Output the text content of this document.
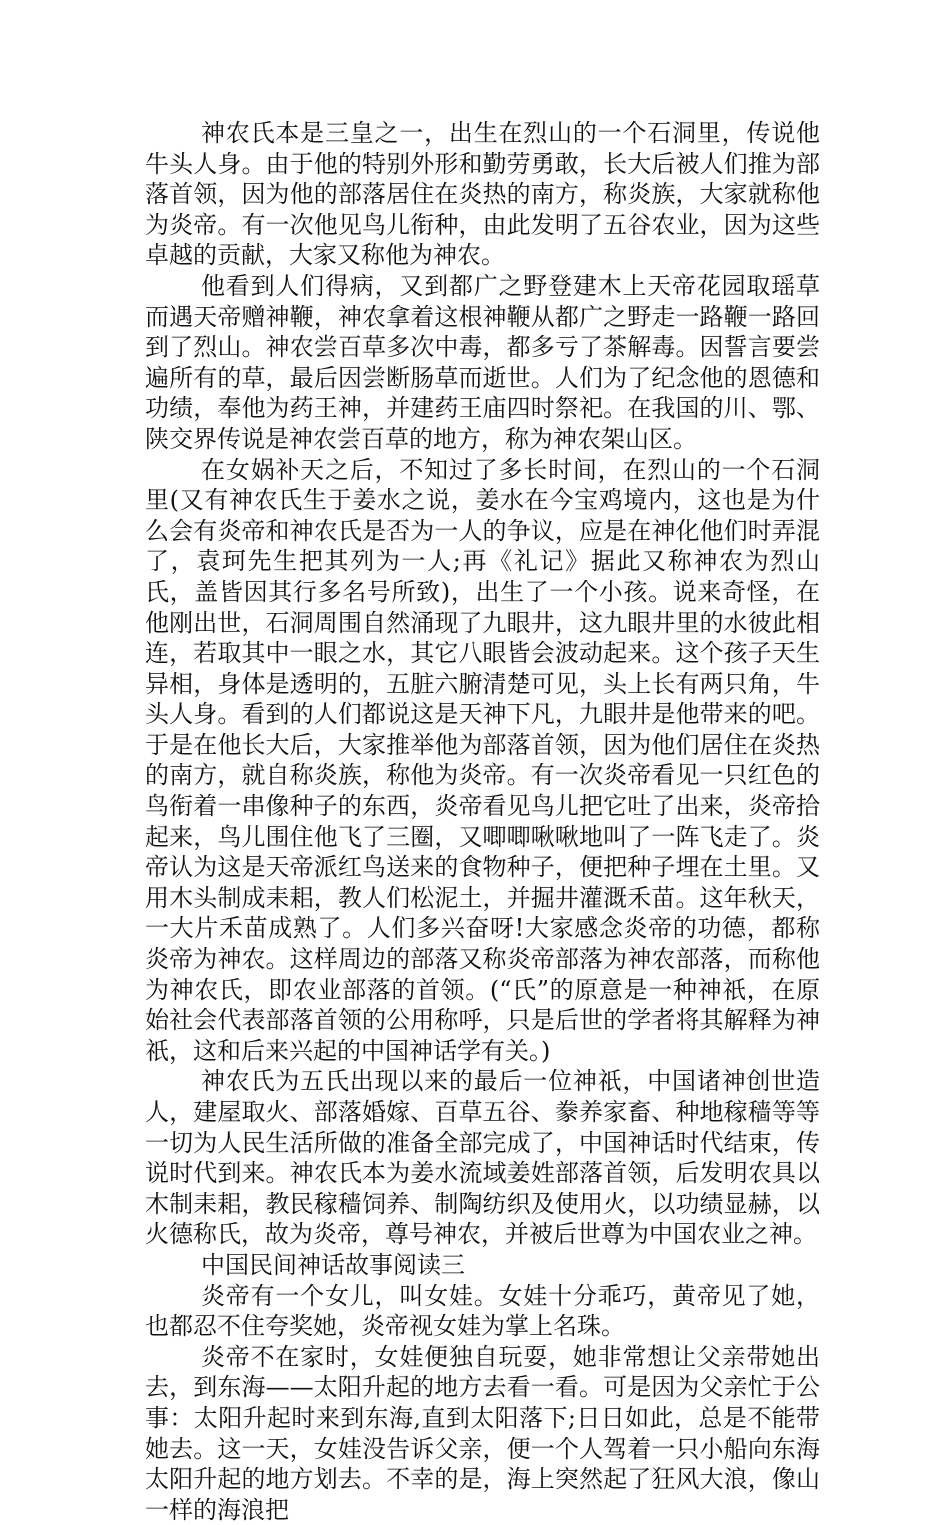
神农氏本是三皇之一，出生在烈山的一个石洞里，传说他牛头人身。由于他的特别外形和勤劳勇敢，长大后被人们推为部落首领，因为他的部落居住在炎热的南方，称炎族，大家就称他为炎帝。有一次他见鸟儿衔种，由此发明了五谷农业，因为这些卓越的贡献，大家又称他为神农。

他看到人们得病，又到都广之野登建木上天帝花园取瑶草而遇天帝赠神鞭，神农拿着这根神鞭从都广之野走一路鞭一路回到了烈山。神农尝百草多次中毒，都多亏了茶解毒。因誓言要尝遍所有的草，最后因尝断肠草而逝世。人们为了纪念他的恩德和功绩，奉他为药王神，并建药王庙四时祭祀。在我国的川、鄂、陕交界传说是神农尝百草的地方，称为神农架山区。

在女娲补天之后，不知过了多长时间，在烈山的一个石洞里(又有神农氏生于姜水之说，姜水在今宝鸡境内，这也是为什么会有炎帝和神农氏是否为一人的争议，应是在神化他们时弄混了，袁珂先生把其列为一人;再《礼记》据此又称神农为烈山氏，盖皆因其行多名号所致)，出生了一个小孩。说来奇怪，在他刚出世，石洞周围自然涌现了九眼井，这九眼井里的水彼此相连，若取其中一眼之水，其它八眼皆会波动起来。这个孩子天生异相，身体是透明的，五脏六腑清楚可见，头上长有两只角，牛头人身。看到的人们都说这是天神下凡，九眼井是他带来的吧。于是在他长大后，大家推举他为部落首领，因为他们居住在炎热的南方，就自称炎族，称他为炎帝。有一次炎帝看见一只红色的鸟衔着一串像种子的东西，炎帝看见鸟儿把它吐了出来，炎帝拾起来，鸟儿围住他飞了三圈，又唧唧啾啾地叫了一阵飞走了。炎帝认为这是天帝派红鸟送来的食物种子，便把种子埋在土里。又用木头制成耒耜，教人们松泥土，并掘井灌溉禾苗。这年秋天，一大片禾苗成熟了。人们多兴奋呀!大家感念炎帝的功德，都称炎帝为神农。这样周边的部落又称炎帝部落为神农部落，而称他为神农氏，即农业部落的首领。(“氏”的原意是一种神祇，在原始社会代表部落首领的公用称呼，只是后世的学者将其解释为神祇，这和后来兴起的中国神话学有关。)

神农氏为五氏出现以来的最后一位神祇，中国诸神创世造人，建屋取火、部落婚嫁、百草五谷、豢养家畜、种地稼穑等等一切为人民生活所做的准备全部完成了，中国神话时代结束，传说时代到来。神农氏本为姜水流域姜姓部落首领，后发明农具以木制耒耜，教民稼穑饲养、制陶纺织及使用火，以功绩显赫，以火德称氏，故为炎帝，尊号神农，并被后世尊为中国农业之神。

中国民间神话故事阅读三

炎帝有一个女儿，叫女娃。女娃十分乖巧，黄帝见了她，也都忍不住夸奖她，炎帝视女娃为掌上名珠。

炎帝不在家时，女娃便独自玩耍，她非常想让父亲带她出去，到东海——太阳升起的地方去看一看。可是因为父亲忙于公事：太阳升起时来到东海,直到太阳落下;日日如此，总是不能带她去。这一天，女娃没告诉父亲，便一个人驾着一只小船向东海太阳升起的地方划去。不幸的是，海上突然起了狂风大浪，像山一样的海浪把
